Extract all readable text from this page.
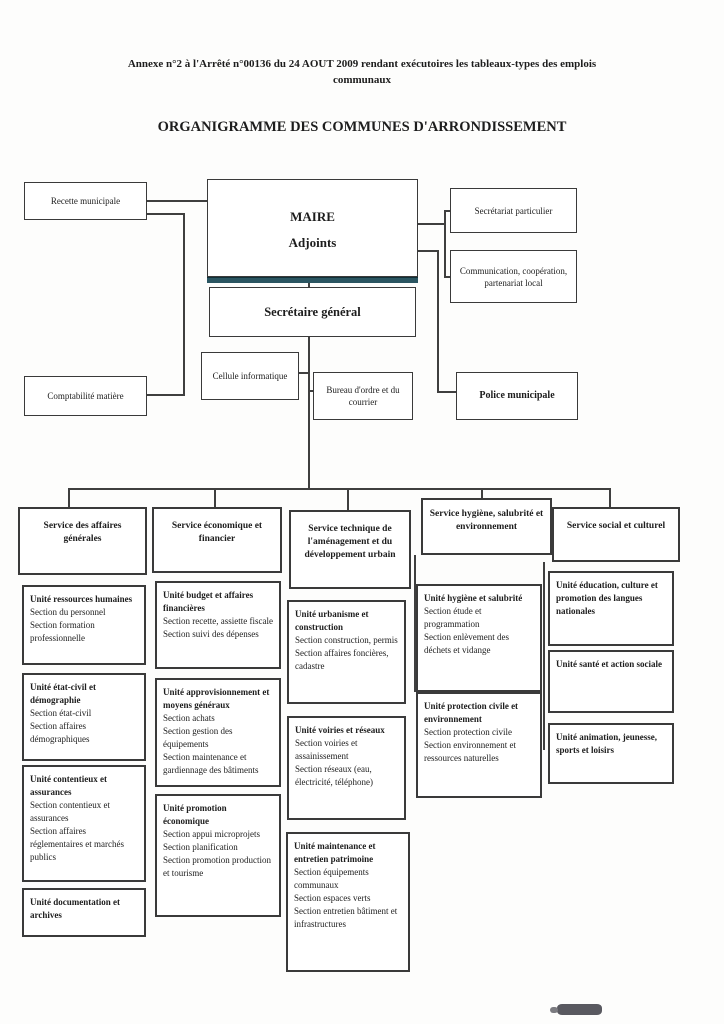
Annexe n°2 à l'Arrêté n°00136 du 24 AOUT 2009 rendant exécutoires les tableaux-types des emplois
communaux
ORGANIGRAMME DES COMMUNES D'ARRONDISSEMENT
Recette municipale
MAIRE
Adjoints
Secrétariat particulier
Communication, coopération, partenariat local
Secrétaire général
Cellule informatique
Bureau d'ordre et du courrier
Comptabilité matière	Police municipale
Service des affaires générales
Service économique et financier
Service technique de l'aménagement et du développement urbain
Service hygiène, salubrité et environnement	Service social et culturel
Unité ressources humaines
Section du personnel
Section formation professionnelle
Unité état-civil et démographie
Section état-civil
Section affaires démographiques
Unité contentieux et assurances
Section contentieux et assurances
Section affaires réglementaires et marchés publics
Unité documentation et archives
Unité budget et affaires financières
Section recette, assiette fiscale
Section suivi des dépenses
Unité approvisionnement et moyens généraux
Section achats
Section gestion des équipements
Section maintenance et gardiennage des bâtiments
Unité promotion économique
Section appui microprojets
Section planification
Section promotion production et tourisme
Unité urbanisme et construction
Section construction, permis
Section affaires foncières, cadastre
Unité voiries et réseaux
Section voiries et assainissement
Section réseaux (eau, électricité, téléphone)
Unité maintenance et entretien patrimoine
Section équipements communaux
Section espaces verts
Section entretien bâtiment et infrastructures
Unité hygiène et salubrité
Section étude et programmation
Section enlèvement des déchets et vidange
Unité protection civile et environnement
Section protection civile
Section environnement et ressources naturelles
Unité éducation, culture et promotion des langues nationales
Unité santé et action sociale
Unité animation, jeunesse, sports et loisirs
